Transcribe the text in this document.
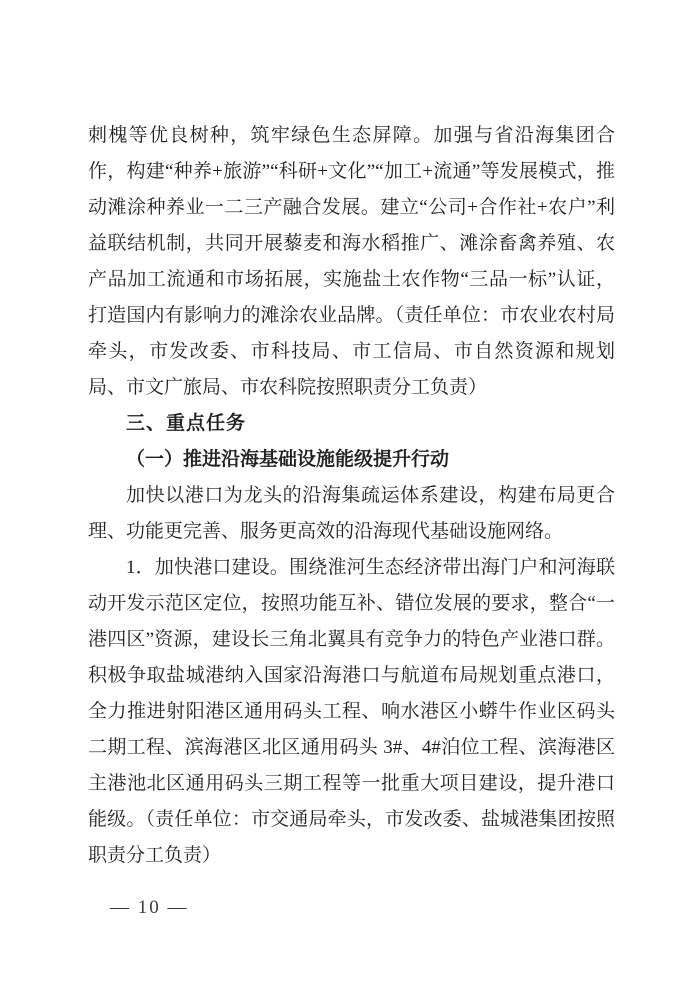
刺槐等优良树种，筑牢绿色生态屏障。加强与省沿海集团合作，构建“种养+旅游”“科研+文化”“加工+流通”等发展模式，推动滩涂种养业一二三产融合发展。建立“公司+合作社+农户”利益联结机制，共同开展藜麦和海水稻推广、滩涂畜禽养殖、农产品加工流通和市场拓展，实施盐土农作物“三品一标”认证，打造国内有影响力的滩涂农业品牌。（责任单位：市农业农村局牵头，市发改委、市科技局、市工信局、市自然资源和规划局、市文广旅局、市农科院按照职责分工负责）
三、重点任务
（一）推进沿海基础设施能级提升行动
加快以港口为龙头的沿海集疏运体系建设，构建布局更合理、功能更完善、服务更高效的沿海现代基础设施网络。
1．加快港口建设。围绕淮河生态经济带出海门户和河海联动开发示范区定位，按照功能互补、错位发展的要求，整合“一港四区”资源，建设长三角北翼具有竞争力的特色产业港口群。积极争取盐城港纳入国家沿海港口与航道布局规划重点港口，全力推进射阳港区通用码头工程、响水港区小蟒牛作业区码头二期工程、滨海港区北区通用码头 3#、4#泊位工程、滨海港区主港池北区通用码头三期工程等一批重大项目建设，提升港口能级。（责任单位：市交通局牵头，市发改委、盐城港集团按照职责分工负责）
— 10 —
